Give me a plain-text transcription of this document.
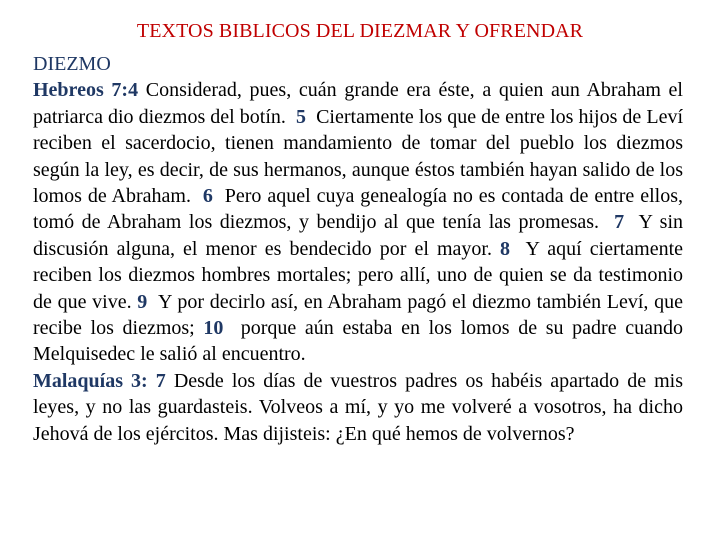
TEXTOS BIBLICOS DEL DIEZMAR Y OFRENDAR
DIEZMO

Hebreos 7:4 Considerad, pues, cuán grande era éste, a quien aun Abraham el patriarca dio diezmos del botín. 5 Ciertamente los que de entre los hijos de Leví reciben el sacerdocio, tienen mandamiento de tomar del pueblo los diezmos según la ley, es decir, de sus hermanos, aunque éstos también hayan salido de los lomos de Abraham. 6 Pero aquel cuya genealogía no es contada de entre ellos, tomó de Abraham los diezmos, y bendijo al que tenía las promesas. 7 Y sin discusión alguna, el menor es bendecido por el mayor. 8 Y aquí ciertamente reciben los diezmos hombres mortales; pero allí, uno de quien se da testimonio de que vive. 9 Y por decirlo así, en Abraham pagó el diezmo también Leví, que recibe los diezmos; 10 porque aún estaba en los lomos de su padre cuando Melquisedec le salió al encuentro.

Malaquías 3: 7 Desde los días de vuestros padres os habéis apartado de mis leyes, y no las guardasteis. Volveos a mí, y yo me volveré a vosotros, ha dicho Jehová de los ejércitos. Mas dijisteis: ¿En qué hemos de volvernos?
